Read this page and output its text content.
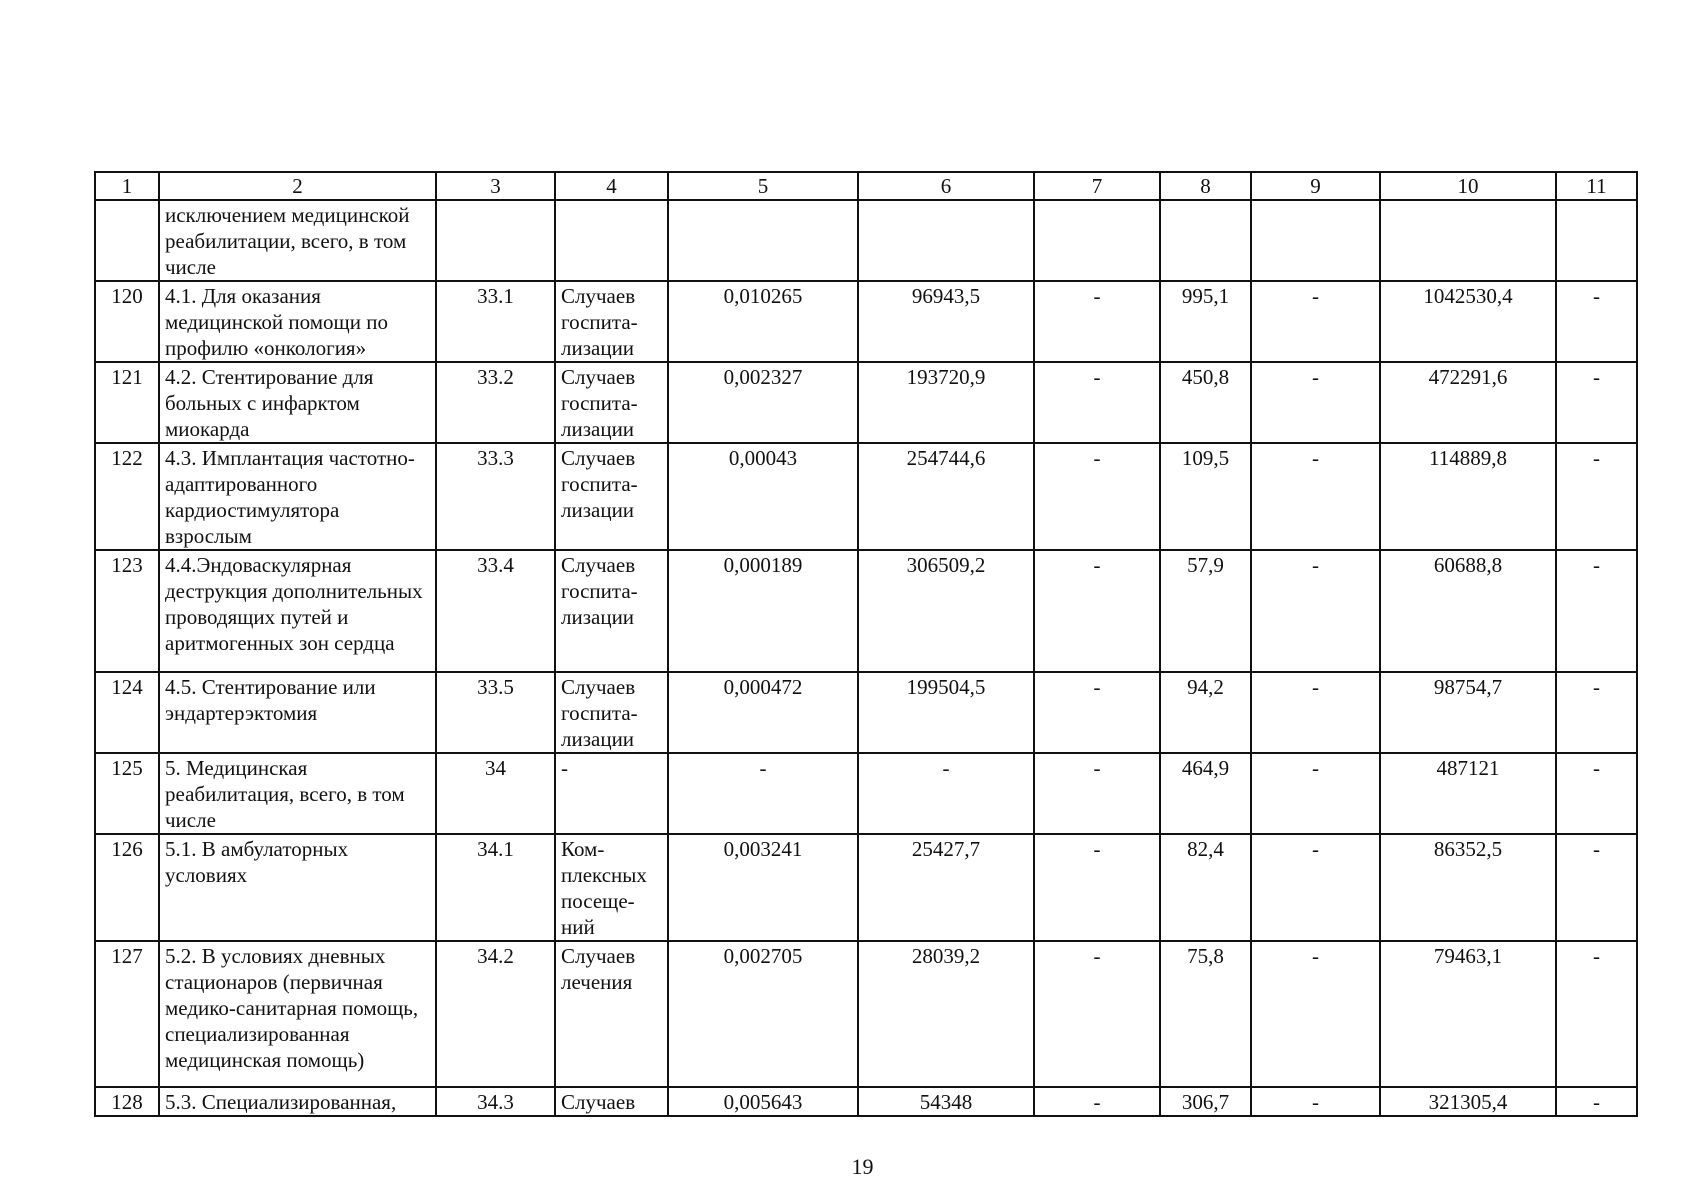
1	2	3	4	5	6	7	8	9	10	11
	исключением медицинской реабилитации, всего, в том числе									
120	4.1. Для оказания медицинской помощи по профилю «онкология»	33.1	Случаев госпита- лизации	0,010265	96943,5	-	995,1	-	1042530,4	-
121	4.2. Стентирование для больных с инфарктом миокарда	33.2	Случаев госпита- лизации	0,002327	193720,9	-	450,8	-	472291,6	-
122	4.3. Имплантация частотно-адаптированного кардиостимулятора взрослым	33.3	Случаев госпита- лизации	0,00043	254744,6	-	109,5	-	114889,8	-
123	4.4.Эндоваскулярная деструкция дополнительных проводящих путей и аритмогенных зон сердца	33.4	Случаев госпита- лизации	0,000189	306509,2	-	57,9	-	60688,8	-
124	4.5. Стентирование или эндартерэктомия	33.5	Случаев госпита- лизации	0,000472	199504,5	-	94,2	-	98754,7	-
125	5. Медицинская реабилитация, всего, в том числе	34	-	-	-	-	464,9	-	487121	-
126	5.1. В амбулаторных условиях	34.1	Ком- плексных посеще- ний	0,003241	25427,7	-	82,4	-	86352,5	-
127	5.2. В условиях дневных стационаров (первичная медико-санитарная помощь, специализированная медицинская помощь)	34.2	Случаев лечения	0,002705	28039,2	-	75,8	-	79463,1	-
128	5.3. Специализированная,	34.3	Случаев	0,005643	54348	-	306,7	-	321305,4	-
19
